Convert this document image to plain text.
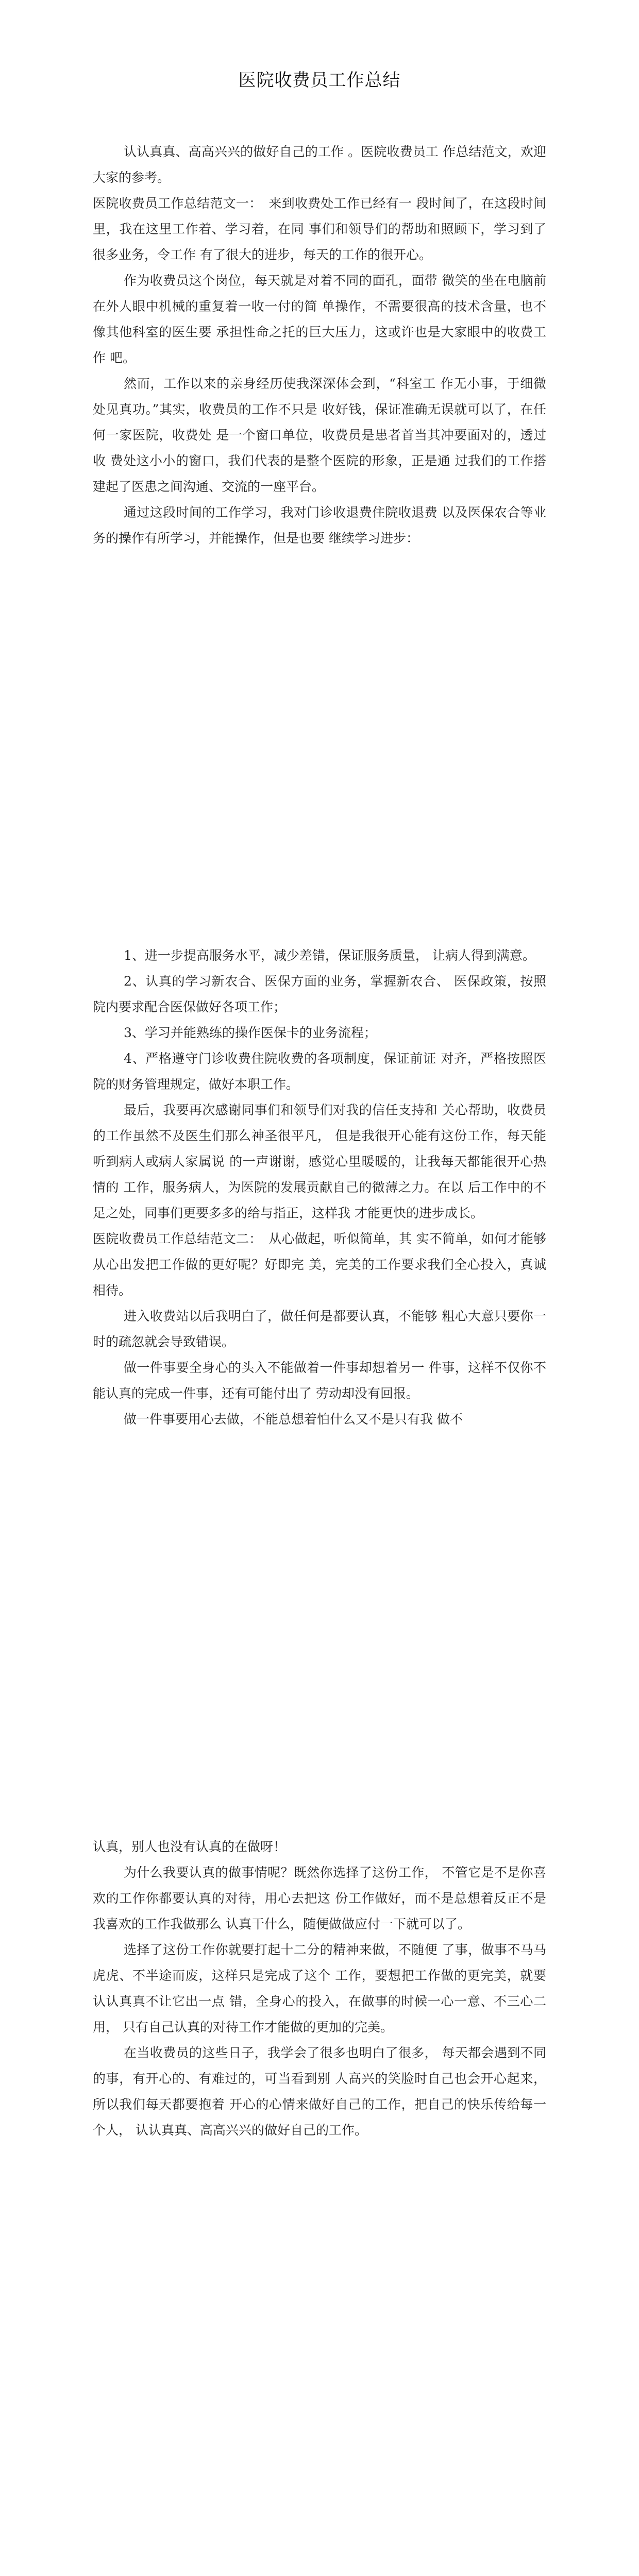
医院收费员工作总结

认认真真、高高兴兴的做好自己的工作 。医院收费员工 作总结范文，欢迎大家的参考。

医院收费员工作总结范文一：　来到收费处工作已经有一 段时间了，在这段时间里，我在这里工作着、学习着，在同 事们和领导们的帮助和照顾下，学习到了很多业务，令工作 有了很大的进步，每天的工作的很开心。

作为收费员这个岗位，每天就是对着不同的面孔，面带 微笑的坐在电脑前在外人眼中机械的重复着一收一付的简 单操作，不需要很高的技术含量，也不像其他科室的医生要 承担性命之托的巨大压力，这或许也是大家眼中的收费工作 吧。

然而，工作以来的亲身经历使我深深体会到，“科室工 作无小事，于细微处见真功。”其实，收费员的工作不只是 收好钱，保证准确无误就可以了，在任何一家医院，收费处 是一个窗口单位，收费员是患者首当其冲要面对的，透过收 费处这小小的窗口，我们代表的是整个医院的形象，正是通 过我们的工作搭建起了医患之间沟通、交流的一座平台。

通过这段时间的工作学习，我对门诊收退费住院收退费 以及医保农合等业务的操作有所学习，并能操作，但是也要 继续学习进步：

1、进一步提高服务水平，减少差错，保证服务质量， 让病人得到满意。

2、认真的学习新农合、医保方面的业务，掌握新农合、 医保政策，按照院内要求配合医保做好各项工作；

3、学习并能熟练的操作医保卡的业务流程；

4、严格遵守门诊收费住院收费的各项制度，保证前证 对齐，严格按照医院的财务管理规定，做好本职工作。

最后，我要再次感谢同事们和领导们对我的信任支持和 关心帮助，收费员的工作虽然不及医生们那么神圣很平凡， 但是我很开心能有这份工作，每天能听到病人或病人家属说 的一声谢谢，感觉心里暖暖的，让我每天都能很开心热情的 工作，服务病人，为医院的发展贡献自己的微薄之力。在以 后工作中的不足之处，同事们更要多多的给与指正，这样我 才能更快的进步成长。

医院收费员工作总结范文二：　从心做起，听似简单，其 实不简单，如何才能够从心出发把工作做的更好呢？好即完 美，完美的工作要求我们全心投入，真诚相待。

进入收费站以后我明白了，做任何是都要认真，不能够 粗心大意只要你一时的疏忽就会导致错误。

做一件事要全身心的头入不能做着一件事却想着另一 件事，这样不仅你不能认真的完成一件事，还有可能付出了 劳动却没有回报。

做一件事要用心去做，不能总想着怕什么又不是只有我 做不

认真，别人也没有认真的在做呀！

为什么我要认真的做事情呢？既然你选择了这份工作， 不管它是不是你喜欢的工作你都要认真的对待，用心去把这 份工作做好，而不是总想着反正不是我喜欢的工作我做那么 认真干什么，随便做做应付一下就可以了。

选择了这份工作你就要打起十二分的精神来做，不随便 了事，做事不马马虎虎、不半途而废，这样只是完成了这个 工作，要想把工作做的更完美，就要认认真真不让它出一点 错，全身心的投入，在做事的时候一心一意、不三心二用， 只有自己认真的对待工作才能做的更加的完美。

在当收费员的这些日子，我学会了很多也明白了很多， 每天都会遇到不同的事，有开心的、有难过的，可当看到别 人高兴的笑脸时自己也会开心起来，所以我们每天都要抱着 开心的心情来做好自己的工作，把自己的快乐传给每一个人， 认认真真、高高兴兴的做好自己的工作。
